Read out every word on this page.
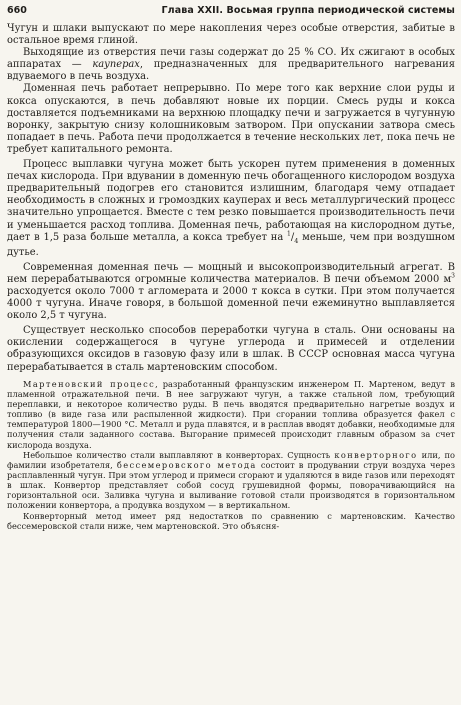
660	Глава XXII. Восьмая группа периодической системы

Чугун и шлаки выпускают по мере накопления через особые отверстия, забитые в остальное время глиной.

Выходящие из отверстия печи газы содержат до 25 % СО. Их сжигают в особых аппаратах — кауперах, предназначенных для предварительного нагревания вдуваемого в печь воздуха.

Доменная печь работает непрерывно. По мере того как верхние слои руды и кокса опускаются, в печь добавляют новые их порции. Смесь руды и кокса доставляется подъемниками на верхнюю площадку печи и загружается в чугунную воронку, закрытую снизу колошниковым затвором. При опускании затвора смесь попадает в печь. Работа печи продолжается в течение нескольких лет, пока печь не требует капитального ремонта.

Процесс выплавки чугуна может быть ускорен путем применения в доменных печах кислорода. При вдувании в доменную печь обогащенного кислородом воздуха предварительный подогрев его становится излишним, благодаря чему отпадает необходимость в сложных и громоздких кауперах и весь металлургический процесс значительно упрощается. Вместе с тем резко повышается производительность печи и уменьшается расход топлива. Доменная печь, работающая на кислородном дутье, дает в 1,5 раза больше металла, а кокса требует на $^1/_4$ меньше, чем при воздушном дутье.

Современная доменная печь — мощный и высокопроизводительный агрегат. В нем перерабатываются огромные количества материалов. В печи объемом 2000 $м^3$ расходуется около 7000 т агломерата и 2000 т кокса в сутки. При этом получается 4000 т чугуна. Иначе говоря, в большой доменной печи ежеминутно выплавляется около 2,5 т чугуна.

Существует несколько способов переработки чугуна в сталь. Они основаны на окислении содержащегося в чугуне углерода и примесей и отделении образующихся оксидов в газовую фазу или в шлак. В СССР основная масса чугуна перерабатывается в сталь мартеновским способом.

Мартеновский процесс, разработанный французским инженером П. Мартеном, ведут в пламенной отражательной печи. В нее загружают чугун, а также стальной лом, требующий переплавки, и некоторое количество руды. В печь вводятся предварительно нагретые воздух и топливо (в виде газа или распыленной жидкости). При сгорании топлива образуется факел с температурой 1800—1900 °С. Металл и руда плавятся, и в расплав вводят добавки, необходимые для получения стали заданного состава. Выгорание примесей происходит главным образом за счет кислорода воздуха.

Небольшое количество стали выплавляют в конверторах. Сущность конверторного или, по фамилии изобретателя, бессемеровского метода состоит в продувании струи воздуха через расплавленный чугун. При этом углерод и примеси сгорают и удаляются в виде газов или переходят в шлак. Конвертор представляет собой сосуд грушевидной формы, поворачивающийся на горизонтальной оси. Заливка чугуна и выливание готовой стали производятся в горизонтальном положении конвертора, а продувка воздухом — в вертикальном.

Конверторный метод имеет ряд недостатков по сравнению с мартеновским. Качество бессемеровской стали ниже, чем мартеновской. Это объясня-
